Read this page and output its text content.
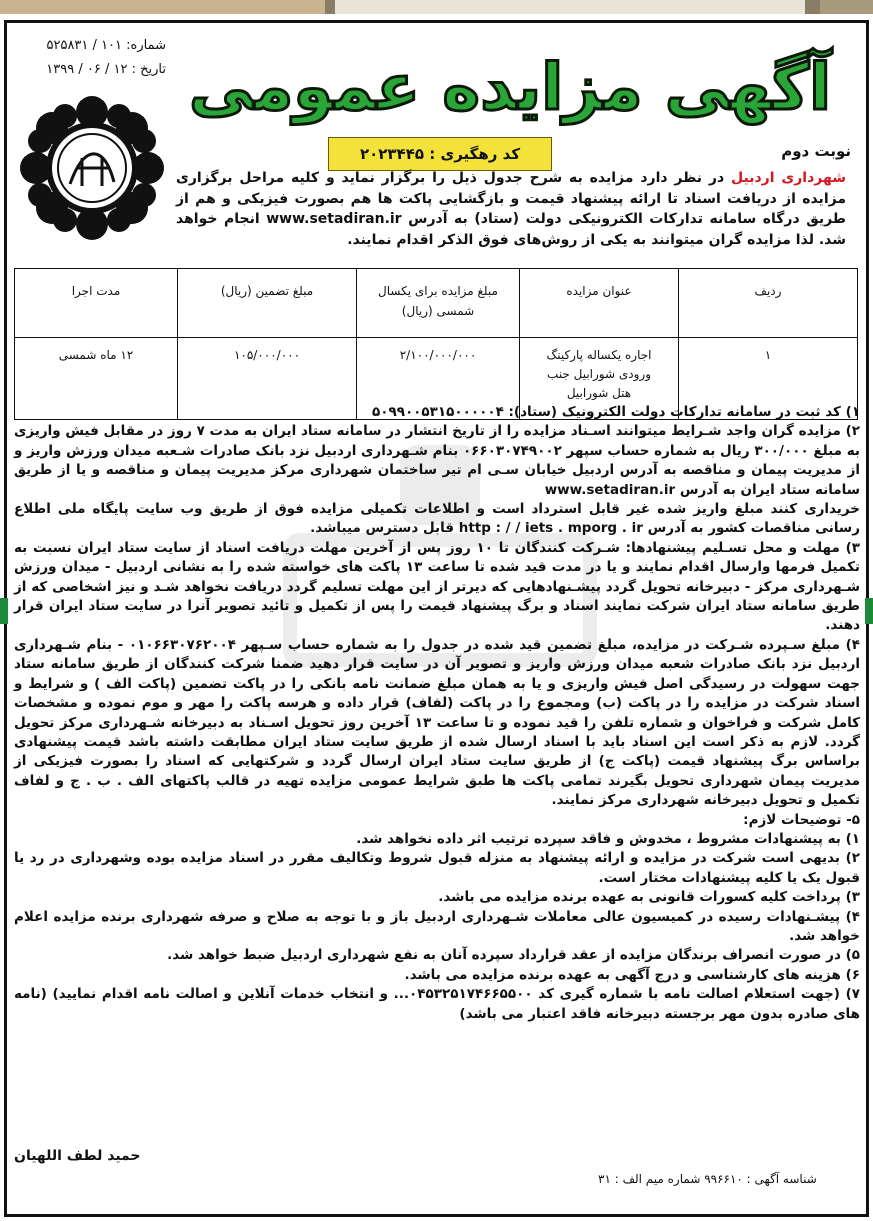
شماره: ۱۰۱ / ۵۲۵۸۳۱
تاریخ : ۱۲ / ۰۶ / ۱۳۹۹ آگهی مزایده عمومی
نوبت دوم
کد رهگیری : ۲۰۲۳۴۴۵
شهرداری اردبیل در نظر دارد مزایده به شرح جدول ذیل را برگزار نماید و کلیه مراحل برگزاری مزایده از دریافت اسناد تا ارائه پیشنهاد قیمت و بازگشایی پاکت ها هم بصورت فیزیکی و هم از طریق درگاه سامانه تدارکات الکترونیکی دولت (ستاد) به آدرس www.setadiran.ir انجام خواهد شد. لذا مزایده گران میتوانند به یکی از روش‌های فوق الذکر اقدام نمایند.
ردیف	عنوان مزایده	مبلغ مزایده برای یکسال شمسی (ریال)	مبلغ تضمین (ریال)	مدت اجرا
۱	اجاره یکساله پارکینگ ورودی شورابیل جنب هتل شورابیل	۲/۱۰۰/۰۰۰/۰۰۰	۱۰۵/۰۰۰/۰۰۰	۱۲ ماه شمسی

۱) کد ثبت در سامانه تدارکات دولت الکترونیک (ستاد): ۵۰۹۹۰۰۵۳۱۵۰۰۰۰۰۴

۲) مزایده گران واجد شـرایط میتوانند اسـناد مزایده را از تاریخ انتشار در سامانه ستاد ایران به مدت ۷ روز در مقابل فیش واریزی به مبلغ ۳۰۰/۰۰۰ ریال به شماره حساب سپهر ۰۶۶۰۳۰۷۴۹۰۰۲ بنام شـهرداری اردبیل نزد بانک صادرات شـعبه میدان ورزش واریز و از مدیریت پیمان و مناقصه به آدرس اردبیل خیابان سـی ام تیر ساختمان شهرداری مرکز مدیریت پیمان و مناقصه و یا از طریق سامانه ستاد ایران به آدرس www.setadiran.ir

خریداری کنند مبلغ واریز شده غیر قابل استرداد است و اطلاعات تکمیلی مزایده فوق از طریق وب سایت پایگاه ملی اطلاع رسانی مناقصات کشور به آدرس http : / / iets . mporg . ir قابل دسترس میباشد.

۳) مهلت و محل تسـلیم پیشنهادها: شـرکت کنندگان تا ۱۰ روز پس از آخرین مهلت دریافت اسناد از سایت ستاد ایران نسبت به تکمیل فرمها وارسال اقدام نمایند و یا در مدت قید شده تا ساعت ۱۳ پاکت های خواسته شده را به نشانی اردبیل - میدان ورزش شـهرداری مرکز - دبیرخانه تحویل گردد پیشـنهادهایی که دیرتر از این مهلت تسلیم گردد دریافت نخواهد شـد و نیز اشخاصی که از طریق سامانه ستاد ایران شرکت نمایند اسناد و برگ پیشنهاد قیمت را پس از تکمیل و تائید تصویر آنرا در سایت ستاد ایران قرار دهند.

۴) مبلغ سـپرده شـرکت در مزایده، مبلغ تضمین قید شده در جدول را به شماره حساب سـپهر ۰۱۰۶۶۳۰۷۶۲۰۰۴ - بنام شـهرداری اردبیل نزد بانک صادرات شعبه میدان ورزش واریز و تصویر آن در سایت قرار دهید ضمنا شرکت کنندگان از طریق سامانه ستاد جهت سهولت در رسیدگی اصل فیش واریزی و یا به همان مبلغ ضمانت نامه بانکی را در پاکت تضمین (پاکت الف ) و شرایط و اسناد شرکت در مزایده را در پاکت (ب) ومجموع را در پاکت (لفاف) قرار داده و هرسه پاکت را مهر و موم نموده و مشخصات کامل شرکت و فراخوان و شماره تلفن را قید نموده و تا ساعت ۱۳ آخرین روز تحویل اسـناد به دبیرخانه شـهرداری مرکز تحویل گردد. لازم به ذکر است این اسناد باید با اسناد ارسال شده از طریق سایت ستاد ایران مطابقت داشته باشد قیمت پیشنهادی براساس برگ پیشنهاد قیمت (پاکت ج) از طریق سایت ستاد ایران ارسال گردد و شرکتهایی که اسناد را بصورت فیزیکی از مدیریت پیمان شهرداری تحویل بگیرند تمامی پاکت ها طبق شرایط عمومی مزایده تهیه در قالب پاکتهای الف . ب . ج و لفاف تکمیل و تحویل دبیرخانه شهرداری مرکز نمایند.

۵- توضیحات لازم:

۱) به پیشنهادات مشروط ، مخدوش و فاقد سپرده ترتیب اثر داده نخواهد شد.

۲) بدیهی است شرکت در مزایده و ارائه پیشنهاد به منزله قبول شروط وتکالیف مقرر در اسناد مزایده بوده وشهرداری در رد یا قبول یک یا کلیه پیشنهادات مختار است.

۳) پرداخت کلیه کسورات قانونی به عهده برنده مزایده می باشد.

۴) پیشـنهادات رسیده در کمیسیون عالی معاملات شـهرداری اردبیل باز و با توجه به صلاح و صرفه شهرداری برنده مزایده اعلام خواهد شد.

۵) در صورت انصراف برندگان مزایده از عقد قرارداد سپرده آنان به نفع شهرداری اردبیل ضبط خواهد شد.

۶) هزینه های کارشناسی و درج آگهی به عهده برنده مزایده می باشد.

۷) (جهت استعلام اصالت نامه با شماره گیری کد ۰۴۵۳۲۵۱۷۴۶۶۵۵۰۰... و انتخاب خدمات آنلاین و اصالت نامه اقدام نمایید) (نامه های صادره بدون مهر برجسته دبیرخانه فاقد اعتبار می باشد)

حمید لطف اللهیان
شناسه آگهی : ۹۹۶۶۱۰ شماره میم الف : ۳۱
